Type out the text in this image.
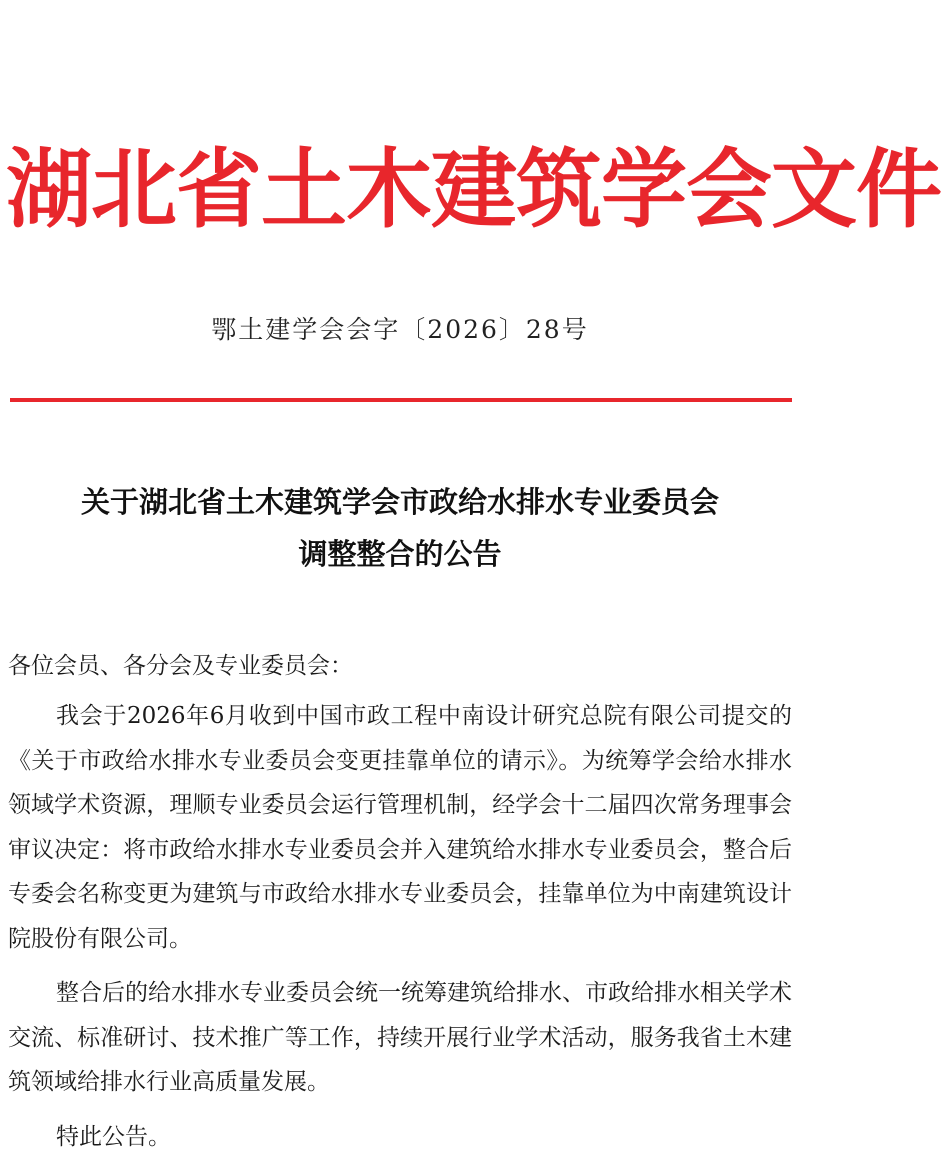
湖北省土木建筑学会文件
鄂土建学会会字〔2026〕28号
关于湖北省土木建筑学会市政给水排水专业委员会
调整整合的公告
各位会员、各分会及专业委员会：

我会于2026年6月收到中国市政工程中南设计研究总院有限公司提交的《关于市政给水排水专业委员会变更挂靠单位的请示》。为统筹学会给水排水领域学术资源，理顺专业委员会运行管理机制，经学会十二届四次常务理事会审议决定：将市政给水排水专业委员会并入建筑给水排水专业委员会，整合后专委会名称变更为建筑与市政给水排水专业委员会，挂靠单位为中南建筑设计院股份有限公司。

整合后的给水排水专业委员会统一统筹建筑给排水、市政给排水相关学术交流、标准研讨、技术推广等工作，持续开展行业学术活动，服务我省土木建筑领域给排水行业高质量发展。

特此公告。
